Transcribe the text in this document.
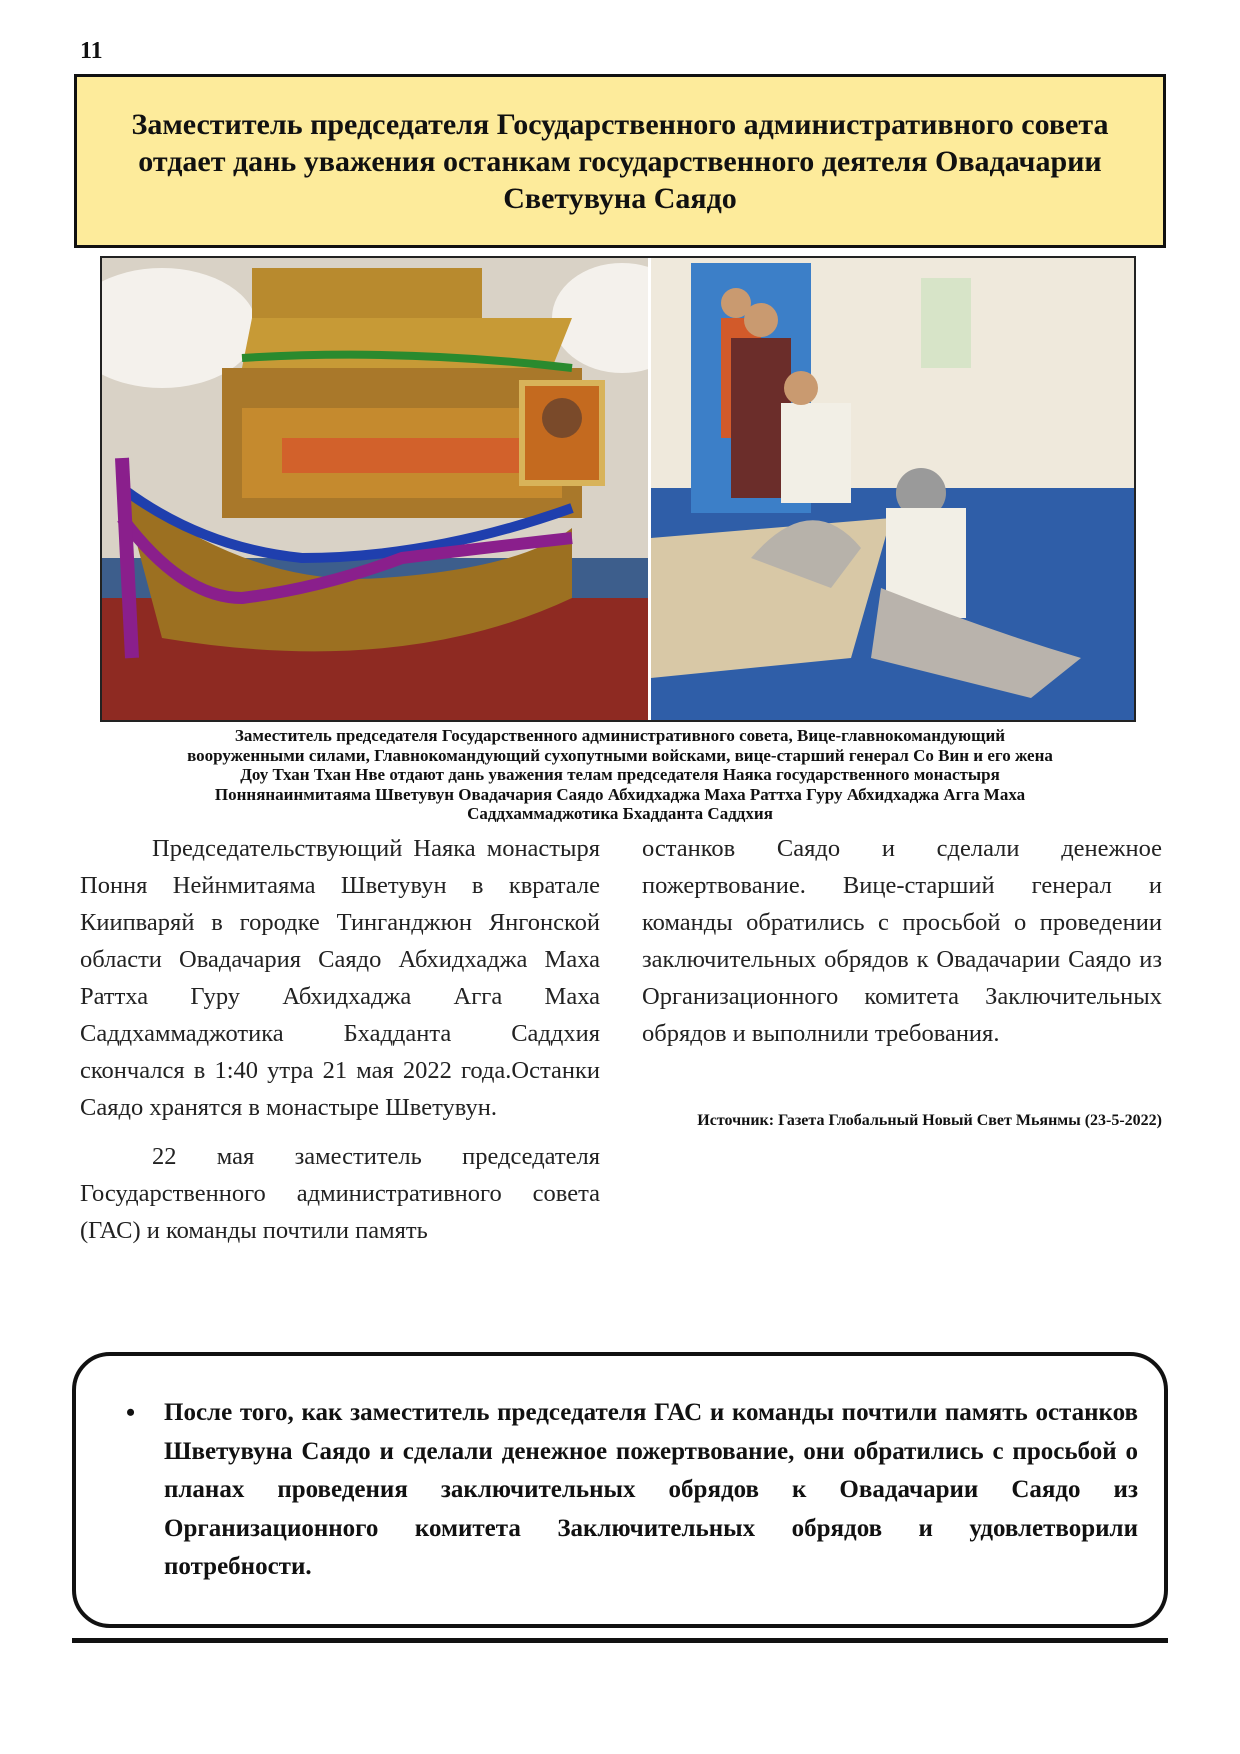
11
Заместитель председателя Государственного административного совета отдает дань уважения останкам государственного деятеля Овадачарии Светувуна Саядо
Заместитель председателя Государственного административного совета, Вице-главнокомандующий
вооруженными силами, Главнокомандующий сухопутными войсками, вице-старший генерал Со Вин и его жена
Доу Тхан Тхан Нве отдают дань уважения телам председателя Наяка государственного монастыря
Поннянаинмитаяма Шветувун Овадачария Саядо Абхидхаджа Маха Раттха Гуру Абхидхаджа Агга Маха
Саддхаммаджотика Бхадданта Саддхия

Председательствующий Наяка монастыря Поння Нейнмитаяма Шветувун в квратале Киипваряй в городке Тинганджюн Янгонской области Овадачария Саядо Абхидхаджа Маха Раттха Гуру Абхидхаджа Агга Маха Саддхаммаджотика Бхадданта Саддхия скончался в 1:40 утра 21 мая 2022 года.Останки Саядо хранятся в монастыре Шветувун.

22 мая заместитель председателя Государственного административного совета (ГАС) и команды почтили память

останков Саядо и сделали денежное пожертвование. Вице-старший генерал и команды обратились с просьбой о проведении заключительных обрядов к Овадачарии Саядо из Организационного комитета Заключительных обрядов и выполнили требования.

Источник: Газета Глобальный Новый Свет Мьянмы (23-5-2022)
•	После того, как заместитель председателя ГАС и команды почтили память останков Шветувуна Саядо и сделали денежное пожертвование, они обратились с просьбой о планах проведения заключительных обрядов к Овадачарии Саядо из Организационного комитета Заключительных обрядов и удовлетворили потребности.
